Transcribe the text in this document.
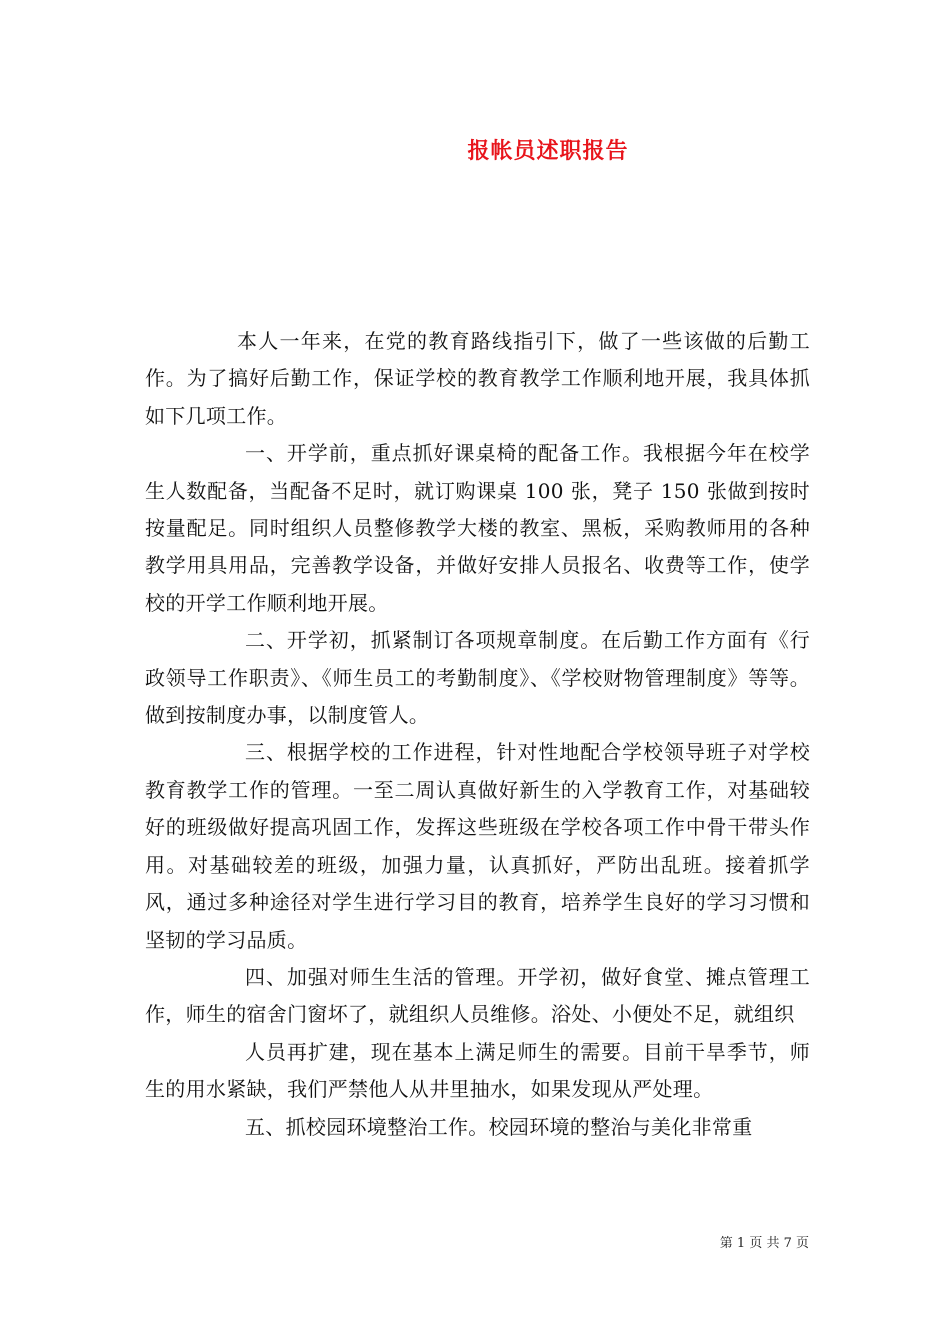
报帐员述职报告

本人一年来，在党的教育路线指引下，做了一些该做的后勤工作。为了搞好后勤工作，保证学校的教育教学工作顺利地开展，我具体抓如下几项工作。

一、开学前，重点抓好课桌椅的配备工作。我根据今年在校学生人数配备，当配备不足时，就订购课桌 100 张，凳子 150 张做到按时按量配足。同时组织人员整修教学大楼的教室、黑板，采购教师用的各种教学用具用品，完善教学设备，并做好安排人员报名、收费等工作，使学校的开学工作顺利地开展。

二、开学初，抓紧制订各项规章制度。在后勤工作方面有《行政领导工作职责》、《师生员工的考勤制度》、《学校财物管理制度》等等。做到按制度办事，以制度管人。

三、根据学校的工作进程，针对性地配合学校领导班子对学校教育教学工作的管理。一至二周认真做好新生的入学教育工作，对基础较好的班级做好提高巩固工作，发挥这些班级在学校各项工作中骨干带头作用。对基础较差的班级，加强力量，认真抓好，严防出乱班。接着抓学风，通过多种途径对学生进行学习目的教育，培养学生良好的学习习惯和坚韧的学习品质。

四、加强对师生生活的管理。开学初，做好食堂、摊点管理工作，师生的宿舍门窗坏了，就组织人员维修。浴处、小便处不足，就组织

人员再扩建，现在基本上满足师生的需要。目前干旱季节，师生的用水紧缺，我们严禁他人从井里抽水，如果发现从严处理。

五、抓校园环境整治工作。校园环境的整治与美化非常重

第 1 页 共 7 页
